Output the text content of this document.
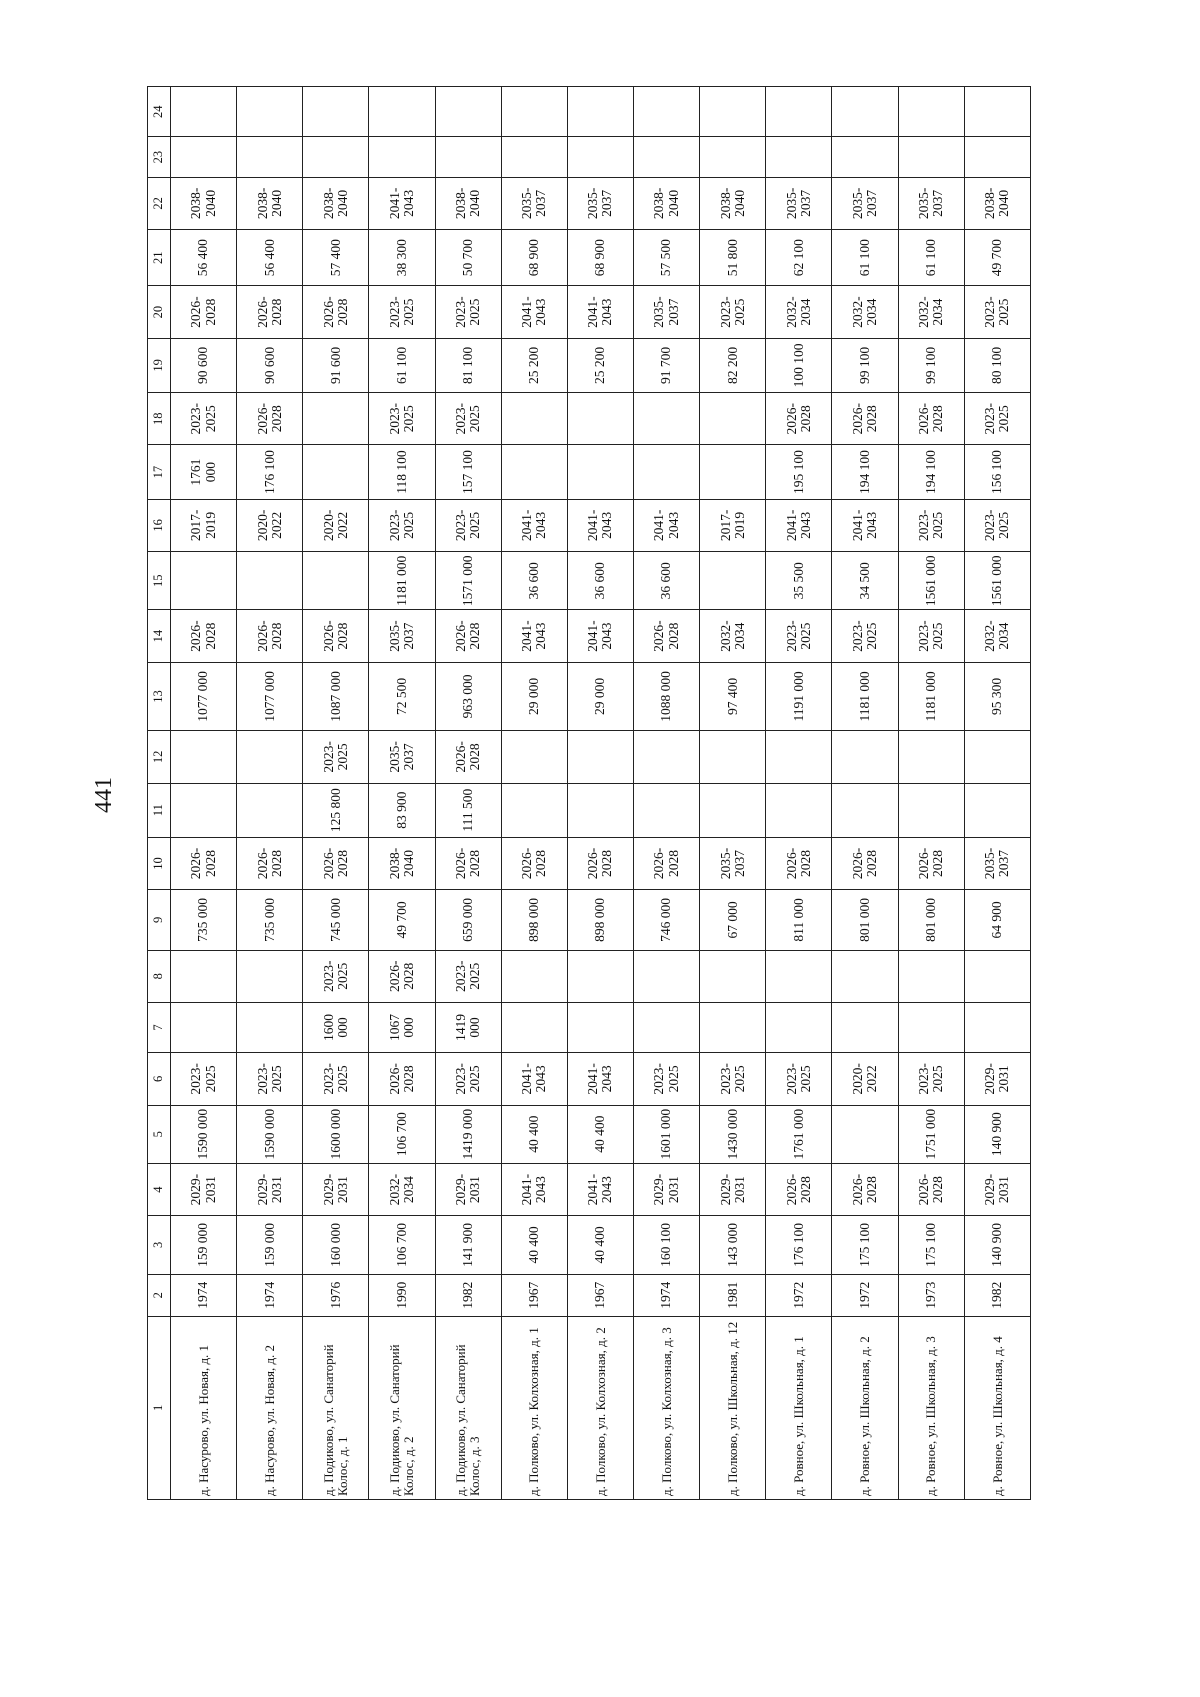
441
1	2	3	4	5	6	7	8	9	10	11	12	13	14	15	16	17	18	19	20	21	22	23	24
д. Насурово, ул. Новая, д. 1	1974	159 000	2029-2031	1590 000	2023-2025			735 000	2026-2028			1077 000	2026-2028		2017-2019	1761 000	2023-2025	90 600	2026-2028	56 400	2038-2040		
д. Насурово, ул. Новая, д. 2	1974	159 000	2029-2031	1590 000	2023-2025			735 000	2026-2028			1077 000	2026-2028		2020-2022	176 100	2026-2028	90 600	2026-2028	56 400	2038-2040		
д. Подиково, ул. Санаторий Колос, д. 1	1976	160 000	2029-2031	1600 000	2023-2025	1600 000	2023-2025	745 000	2026-2028	125 800	2023-2025	1087 000	2026-2028		2020-2022			91 600	2026-2028	57 400	2038-2040		
д. Подиково, ул. Санаторий Колос, д. 2	1990	106 700	2032-2034	106 700	2026-2028	1067 000	2026-2028	49 700	2038-2040	83 900	2035-2037	72 500	2035-2037	1181 000	2023-2025	118 100	2023-2025	61 100	2023-2025	38 300	2041-2043		
д. Подиково, ул. Санаторий Колос, д. 3	1982	141 900	2029-2031	1419 000	2023-2025	1419 000	2023-2025	659 000	2026-2028	111 500	2026-2028	963 000	2026-2028	1571 000	2023-2025	157 100	2023-2025	81 100	2023-2025	50 700	2038-2040		
д. Полково, ул. Колхозная, д. 1	1967	40 400	2041-2043	40 400	2041-2043			898 000	2026-2028			29 000	2041-2043	36 600	2041-2043			25 200	2041-2043	68 900	2035-2037		
д. Полково, ул. Колхозная, д. 2	1967	40 400	2041-2043	40 400	2041-2043			898 000	2026-2028			29 000	2041-2043	36 600	2041-2043			25 200	2041-2043	68 900	2035-2037		
д. Полково, ул. Колхозная, д. 3	1974	160 100	2029-2031	1601 000	2023-2025			746 000	2026-2028			1088 000	2026-2028	36 600	2041-2043			91 700	2035-2037	57 500	2038-2040		
д. Полково, ул. Школьная, д. 12	1981	143 000	2029-2031	1430 000	2023-2025			67 000	2035-2037			97 400	2032-2034		2017-2019			82 200	2023-2025	51 800	2038-2040		
д. Ровное, ул. Школьная, д. 1	1972	176 100	2026-2028	1761 000	2023-2025			811 000	2026-2028			1191 000	2023-2025	35 500	2041-2043	195 100	2026-2028	100 100	2032-2034	62 100	2035-2037		
д. Ровное, ул. Школьная, д. 2	1972	175 100	2026-2028		2020-2022			801 000	2026-2028			1181 000	2023-2025	34 500	2041-2043	194 100	2026-2028	99 100	2032-2034	61 100	2035-2037		
д. Ровное, ул. Школьная, д. 3	1973	175 100	2026-2028	1751 000	2023-2025			801 000	2026-2028			1181 000	2023-2025	1561 000	2023-2025	194 100	2026-2028	99 100	2032-2034	61 100	2035-2037		
д. Ровное, ул. Школьная, д. 4	1982	140 900	2029-2031	140 900	2029-2031			64 900	2035-2037			95 300	2032-2034	1561 000	2023-2025	156 100	2023-2025	80 100	2023-2025	49 700	2038-2040		
